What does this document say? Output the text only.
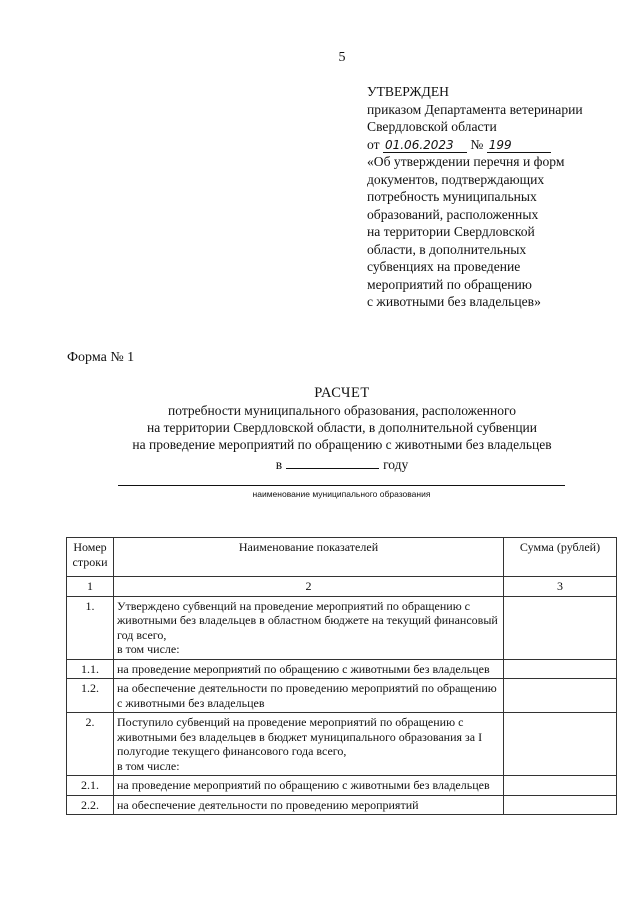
5
УТВЕРЖДЕН
приказом Департамента ветеринарии
Свердловской области
от 01.06.2023 № 199
«Об утверждении перечня и форм
документов, подтверждающих
потребность муниципальных
образований, расположенных
на территории Свердловской
области, в дополнительных
субвенциях на проведение
мероприятий по обращению
с животными без владельцев»
Форма № 1
РАСЧЕТ
потребности муниципального образования, расположенного
на территории Свердловской области, в дополнительной субвенции
на проведение мероприятий по обращению с животными без владельцев
в	году
наименование муниципального образования
Номер строки	Наименование показателей	Сумма (рублей)
1	2	3
1.	Утверждено субвенций на проведение мероприятий по обращению с животными без владельцев в областном бюджете на текущий финансовый год всего,
в том числе:	
1.1.	на проведение мероприятий по обращению с животными без владельцев	
1.2.	на обеспечение деятельности по проведению мероприятий по обращению с животными без владельцев	
2.	Поступило субвенций на проведение мероприятий по обращению с животными без владельцев в бюджет муниципального образования за I полугодие текущего финансового года всего,
в том числе:	
2.1.	на проведение мероприятий по обращению с животными без владельцев	
2.2.	на обеспечение деятельности по проведению мероприятий	
